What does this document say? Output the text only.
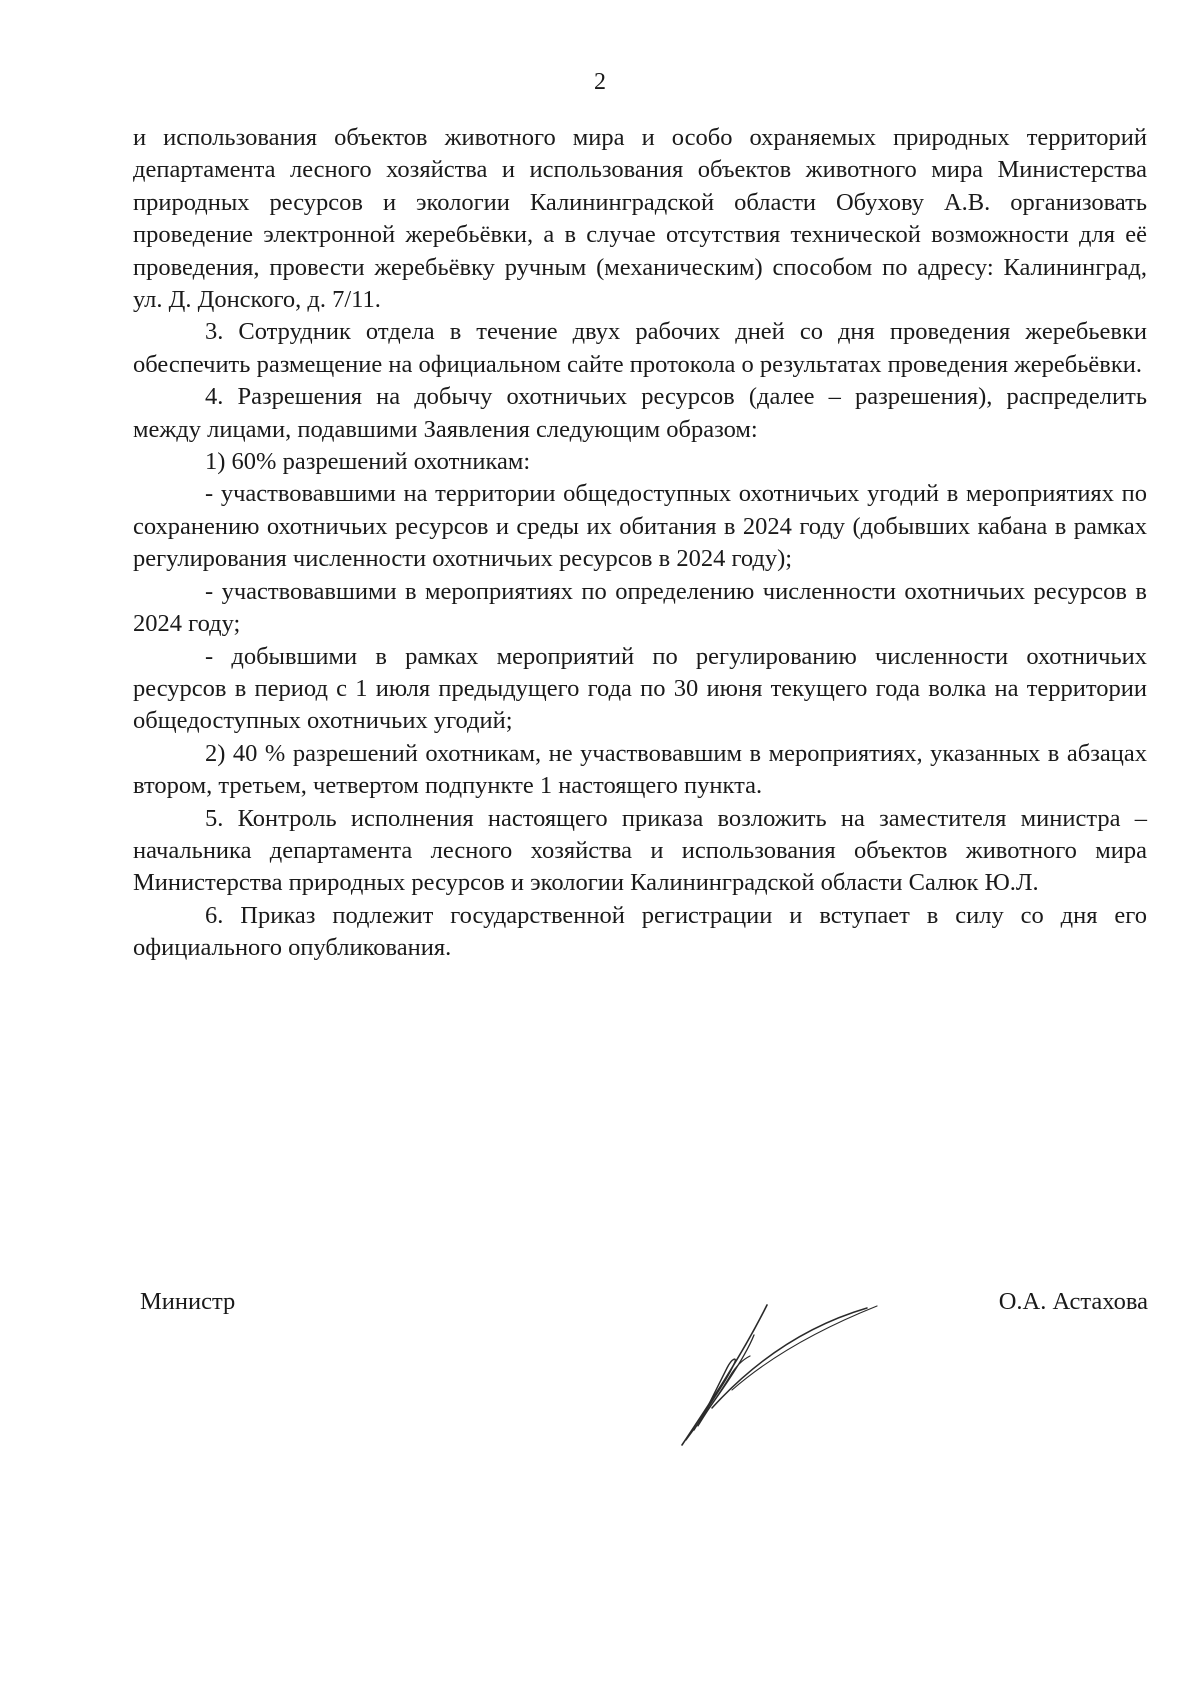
2

и использования объектов животного мира и особо охраняемых природных территорий департамента лесного хозяйства и использования объектов животного мира Министерства природных ресурсов и экологии Калининградской области Обухову А.В. организовать проведение электронной жеребьёвки, а в случае отсутствия технической возможности для её проведения, провести жеребьёвку ручным (механическим) способом по адресу: Калининград, ул. Д. Донского, д. 7/11.

3. Сотрудник отдела в течение двух рабочих дней со дня проведения жеребьевки обеспечить размещение на официальном сайте протокола о результатах проведения жеребьёвки.

4. Разрешения на добычу охотничьих ресурсов (далее – разрешения), распределить между лицами, подавшими Заявления следующим образом:

1) 60% разрешений охотникам:

- участвовавшими на территории общедоступных охотничьих угодий в мероприятиях по сохранению охотничьих ресурсов и среды их обитания в 2024 году (добывших кабана в рамках регулирования численности охотничьих ресурсов в 2024 году);

- участвовавшими в мероприятиях по определению численности охотничьих ресурсов в 2024 году;

- добывшими в рамках мероприятий по регулированию численности охотничьих ресурсов в период с 1 июля предыдущего года по 30 июня текущего года волка на территории общедоступных охотничьих угодий;

2) 40 % разрешений охотникам, не участвовавшим в мероприятиях, указанных в абзацах втором, третьем, четвертом подпункте 1 настоящего пункта.

5. Контроль исполнения настоящего приказа возложить на заместителя министра – начальника департамента лесного хозяйства и использования объектов животного мира Министерства природных ресурсов и экологии Калининградской области Салюк Ю.Л.

6. Приказ подлежит государственной регистрации и вступает в силу со дня его официального опубликования.

Министр	О.А. Астахова
